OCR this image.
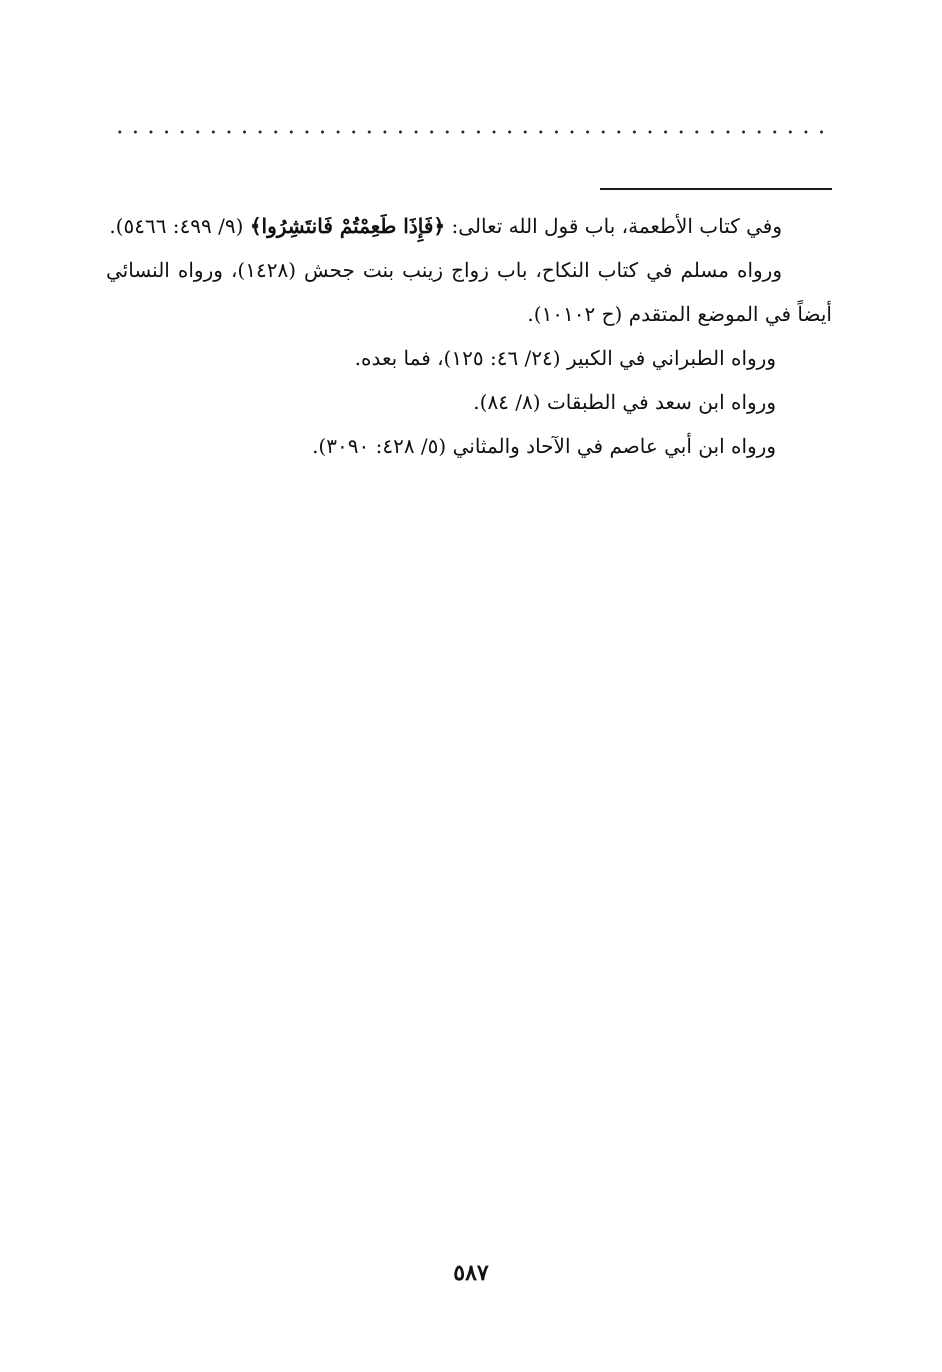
وفي كتاب الأطعمة، باب قول الله تعالى: ﴿فَإِذَا طَعِمْتُمْ فَانتَشِرُوا﴾ (٩/ ٤٩٩: ٥٤٦٦).

ورواه مسلم في كتاب النكاح، باب زواج زينب بنت جحش (١٤٢٨)، ورواه النسائي أيضاً في الموضع المتقدم (ح ١٠١٠٢).

ورواه الطبراني في الكبير (٢٤/ ٤٦: ١٢٥)، فما بعده.

ورواه ابن سعد في الطبقات (٨/ ٨٤).

ورواه ابن أبي عاصم في الآحاد والمثاني (٥/ ٤٢٨: ٣٠٩٠).

٥٨٧
